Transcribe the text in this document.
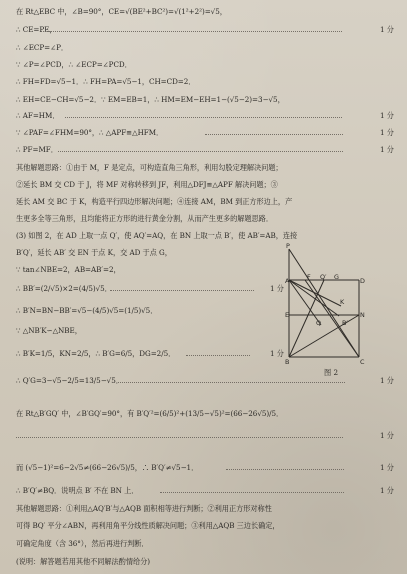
在 Rt△EBC 中，∠B=90°，CE=√(BE²+BC²)=√(1²+2²)=√5，
∴ CE=PE，	1 分
∴ ∠ECP=∠P．
∵ ∠P=∠PCD，∴ ∠ECP=∠PCD．
∴ FH=FD=√5−1．∴ FH=PA=√5−1，CH=CD=2．
∴ EH=CE−CH=√5−2．∵ EM=EB=1，∴ HM=EM−EH=1−(√5−2)=3−√5，
∴ AF=HM．	1 分
∵ ∠PAF=∠FHM=90°，∴ △APF≌△HFM．	1 分
∴ PF=MF．	1 分
其他解题思路：①由于 M，F 是定点，可构造直角三角形，利用勾股定理解决问题；
②延长 BM 交 CD 于 J，将 MF 对称转移到 JF，利用△DFJ≌△APF 解决问题；③
延长 AM 交 BC 于 K，构造平行四边形解决问题；④连接 AM，BM 到正方形边上，产
生更多全等三角形，且均能将正方形的进行黄金分割，从而产生更多的解题思路．
(3) 如图 2，在 AD 上取一点 Q′，使 AQ′=AQ，在 BN 上取一点 B′，使 AB′=AB，连接
B′Q′，延长 AB′ 交 EN 于点 K，交 AD 于点 G，
∵ tan∠NBE=2，AB=AB′=2，
∴ BB′=(2/√5)×2=(4/5)√5．	1 分
∴ B′N=BN−BB′=√5−(4/5)√5=(1/5)√5．
∵ △NB′K∽△NBE，
∴ B′K=1/5，KN=2/5，∴ B′G=6/5，DG=2/5．	1 分
∴ Q′G=3−√5−2/5=13/5−√5．	1 分
在 Rt△B′GQ′ 中，∠B′GQ′=90°，有 B′Q′²=(6/5)²+(13/5−√5)²=(66−26√5)/5．
1 分
而 (√5−1)²=6−2√5≠(66−26√5)/5，∴ B′Q′≠√5−1．	1 分
∴ B′Q′≠BQ．说明点 B′ 不在 BN 上．	1 分
其他解题思路：①利用△AQ′B′与△AQB 面积相等进行判断；②利用正方形对称性
可得 BQ′ 平分∠ABN，再利用角平分线性质解决问题；③利用△AQB 三边长确定，
可确定角度（含 36°），然后再进行判断．
(说明：解答题若用其他不同解法酌情给分)
P
F Q′ G
A	D
K
E
Q
N
B′
B	C
图 2
